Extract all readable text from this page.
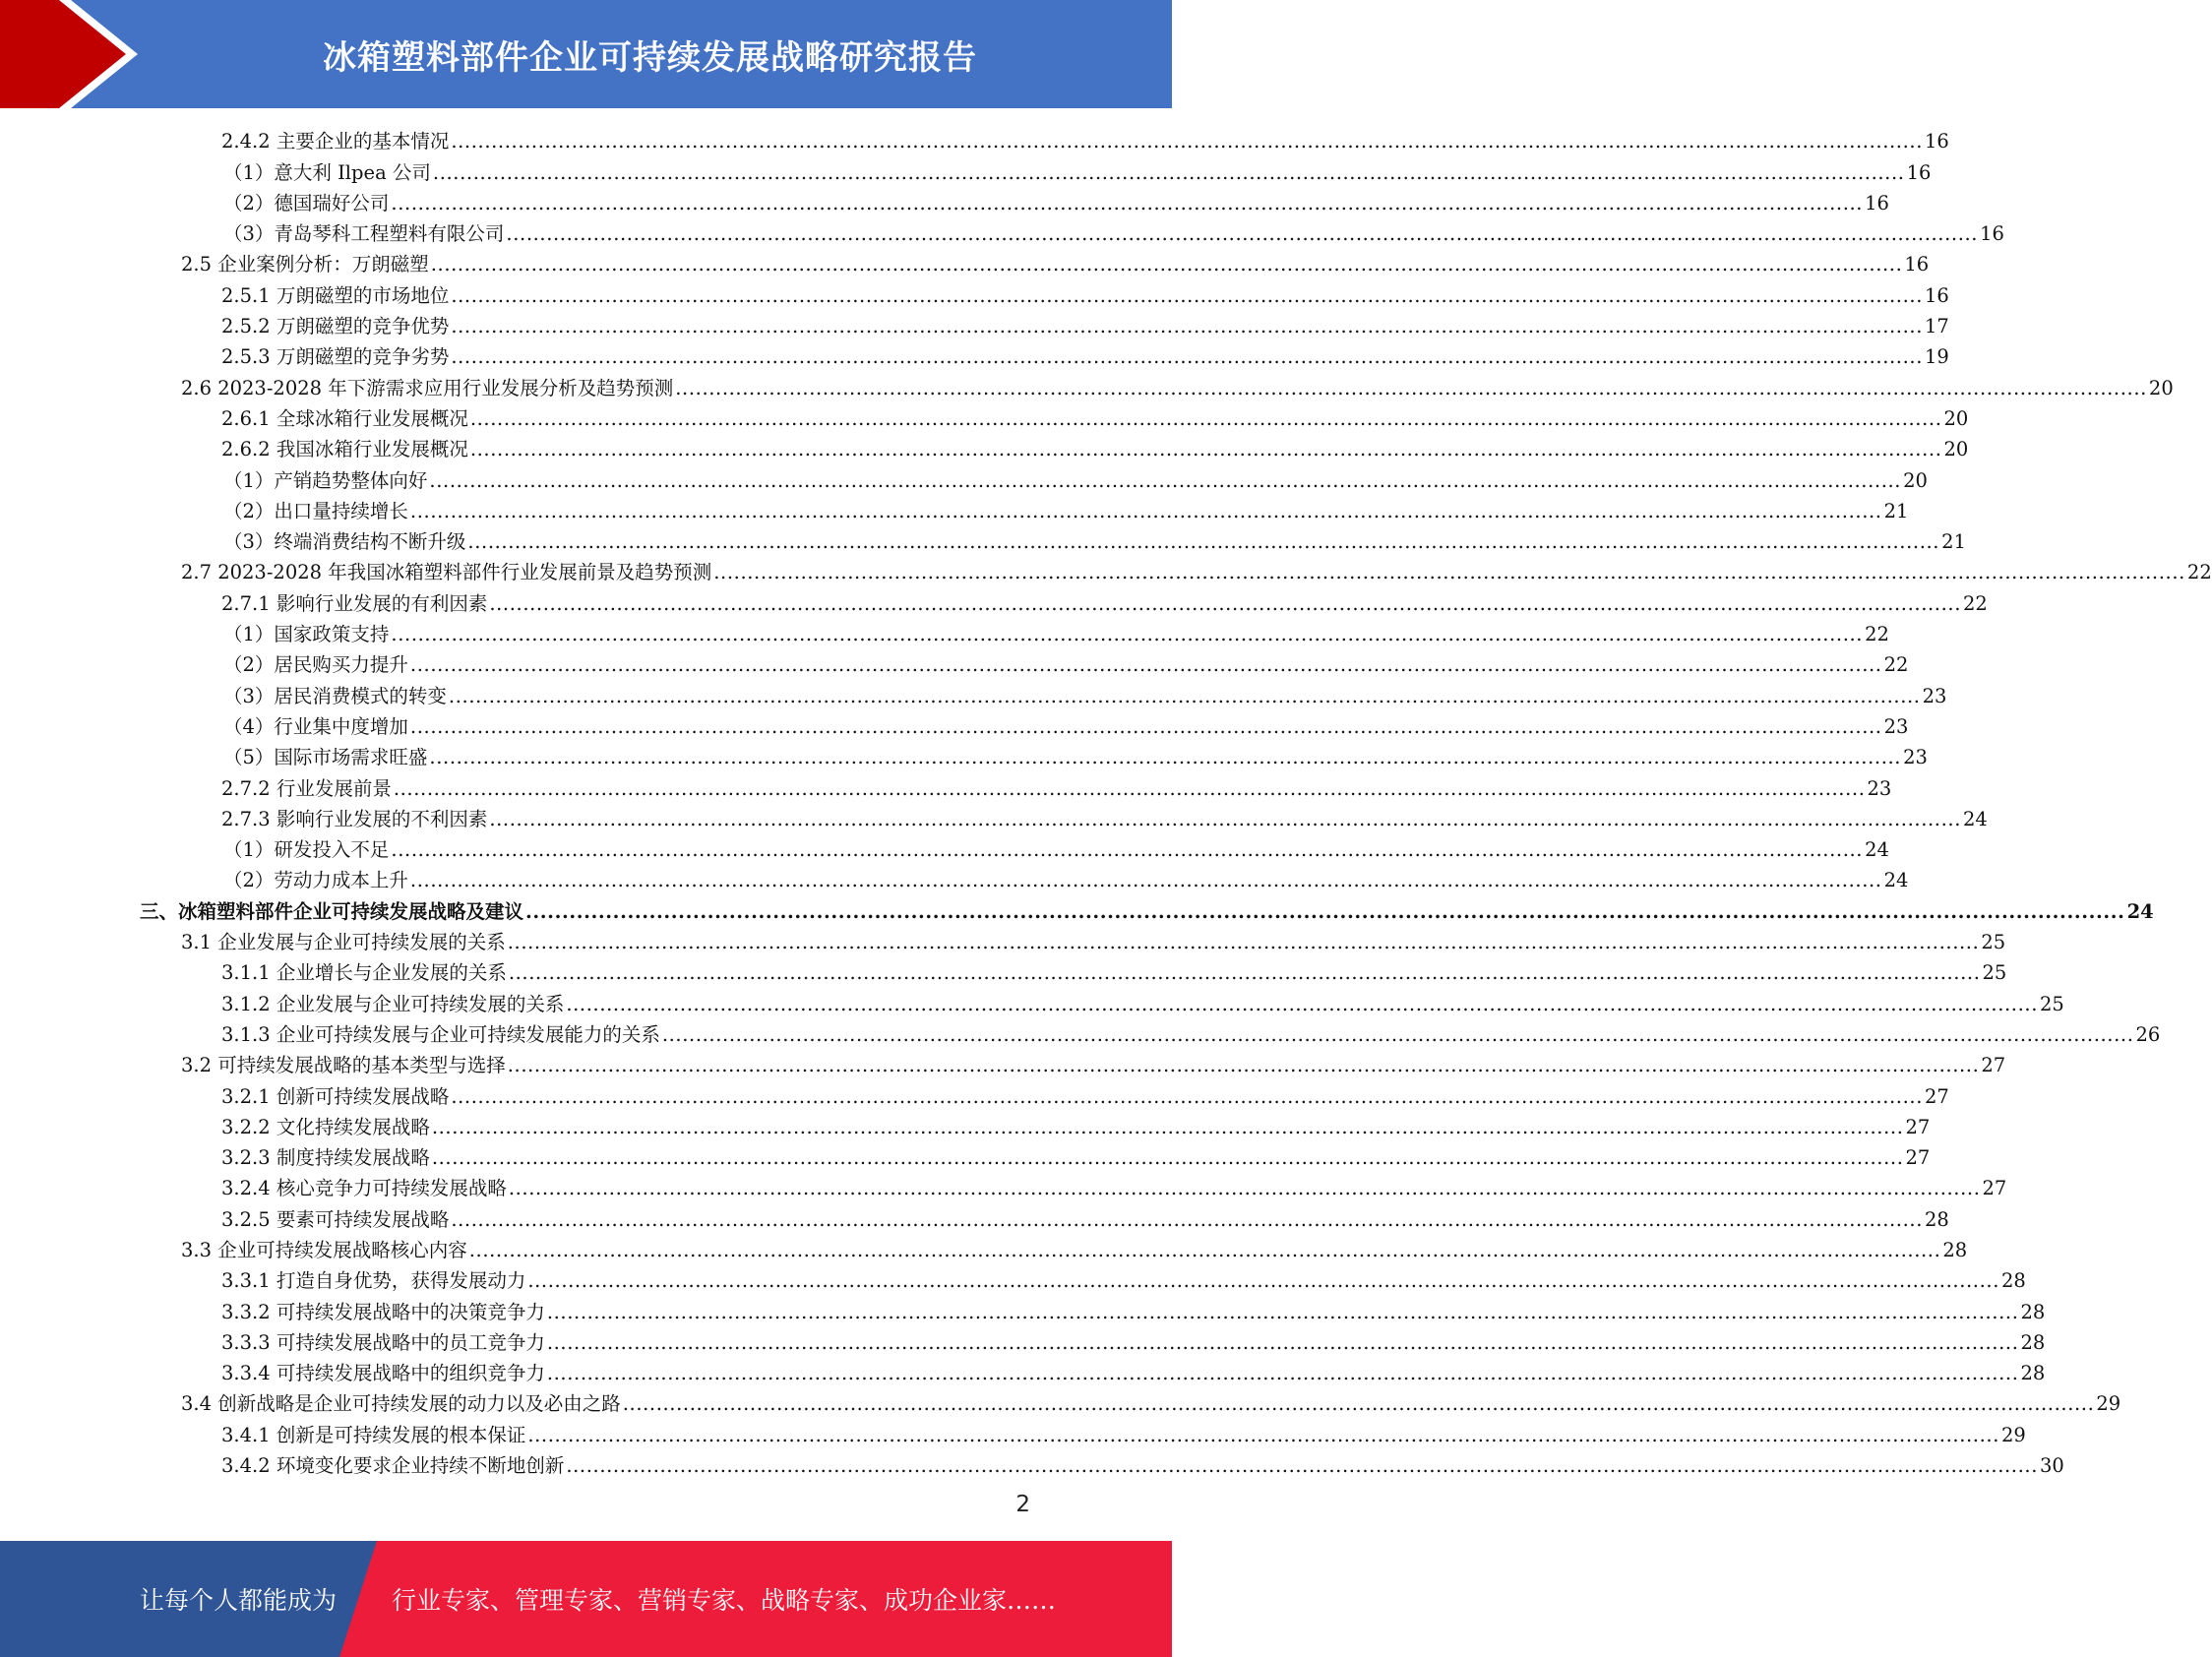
冰箱塑料部件企业可持续发展战略研究报告
2.4.2 主要企业的基本情况 ............................................................................................................................................................................................................................ 16
（1）意大利 Ilpea 公司 ............................................................................................................................................................................................................................ 16
（2）德国瑞好公司 ............................................................................................................................................................................................................................ 16
（3）青岛琴科工程塑料有限公司 ............................................................................................................................................................................................................................ 16
2.5 企业案例分析：万朗磁塑 ............................................................................................................................................................................................................................ 16
2.5.1 万朗磁塑的市场地位 ............................................................................................................................................................................................................................ 16
2.5.2 万朗磁塑的竞争优势 ............................................................................................................................................................................................................................ 17
2.5.3 万朗磁塑的竞争劣势 ............................................................................................................................................................................................................................ 19
2.6 2023-2028 年下游需求应用行业发展分析及趋势预测 ............................................................................................................................................................................................................................ 20
2.6.1 全球冰箱行业发展概况 ............................................................................................................................................................................................................................ 20
2.6.2 我国冰箱行业发展概况 ............................................................................................................................................................................................................................ 20
（1）产销趋势整体向好 ............................................................................................................................................................................................................................ 20
（2）出口量持续增长 ............................................................................................................................................................................................................................ 21
（3）终端消费结构不断升级 ............................................................................................................................................................................................................................ 21
2.7 2023-2028 年我国冰箱塑料部件行业发展前景及趋势预测 ............................................................................................................................................................................................................................ 22
2.7.1 影响行业发展的有利因素 ............................................................................................................................................................................................................................ 22
（1）国家政策支持 ............................................................................................................................................................................................................................ 22
（2）居民购买力提升 ............................................................................................................................................................................................................................ 22
（3）居民消费模式的转变 ............................................................................................................................................................................................................................ 23
（4）行业集中度增加 ............................................................................................................................................................................................................................ 23
（5）国际市场需求旺盛 ............................................................................................................................................................................................................................ 23
2.7.2 行业发展前景 ............................................................................................................................................................................................................................ 23
2.7.3 影响行业发展的不利因素 ............................................................................................................................................................................................................................ 24
（1）研发投入不足 ............................................................................................................................................................................................................................ 24
（2）劳动力成本上升 ............................................................................................................................................................................................................................ 24
三、冰箱塑料部件企业可持续发展战略及建议 ............................................................................................................................................................................................................................ 24
3.1 企业发展与企业可持续发展的关系 ............................................................................................................................................................................................................................ 25
3.1.1 企业增长与企业发展的关系 ............................................................................................................................................................................................................................ 25
3.1.2 企业发展与企业可持续发展的关系 ............................................................................................................................................................................................................................ 25
3.1.3 企业可持续发展与企业可持续发展能力的关系 ............................................................................................................................................................................................................................ 26
3.2 可持续发展战略的基本类型与选择 ............................................................................................................................................................................................................................ 27
3.2.1 创新可持续发展战略 ............................................................................................................................................................................................................................ 27
3.2.2 文化持续发展战略 ............................................................................................................................................................................................................................ 27
3.2.3 制度持续发展战略 ............................................................................................................................................................................................................................ 27
3.2.4 核心竞争力可持续发展战略 ............................................................................................................................................................................................................................ 27
3.2.5 要素可持续发展战略 ............................................................................................................................................................................................................................ 28
3.3 企业可持续发展战略核心内容 ............................................................................................................................................................................................................................ 28
3.3.1 打造自身优势，获得发展动力 ............................................................................................................................................................................................................................ 28
3.3.2 可持续发展战略中的决策竞争力 ............................................................................................................................................................................................................................ 28
3.3.3 可持续发展战略中的员工竞争力 ............................................................................................................................................................................................................................ 28
3.3.4 可持续发展战略中的组织竞争力 ............................................................................................................................................................................................................................ 28
3.4 创新战略是企业可持续发展的动力以及必由之路 ............................................................................................................................................................................................................................ 29
3.4.1 创新是可持续发展的根本保证 ............................................................................................................................................................................................................................ 29
3.4.2 环境变化要求企业持续不断地创新 ............................................................................................................................................................................................................................ 30
2
让每个人都能成为 行业专家、管理专家、营销专家、战略专家、成功企业家……
